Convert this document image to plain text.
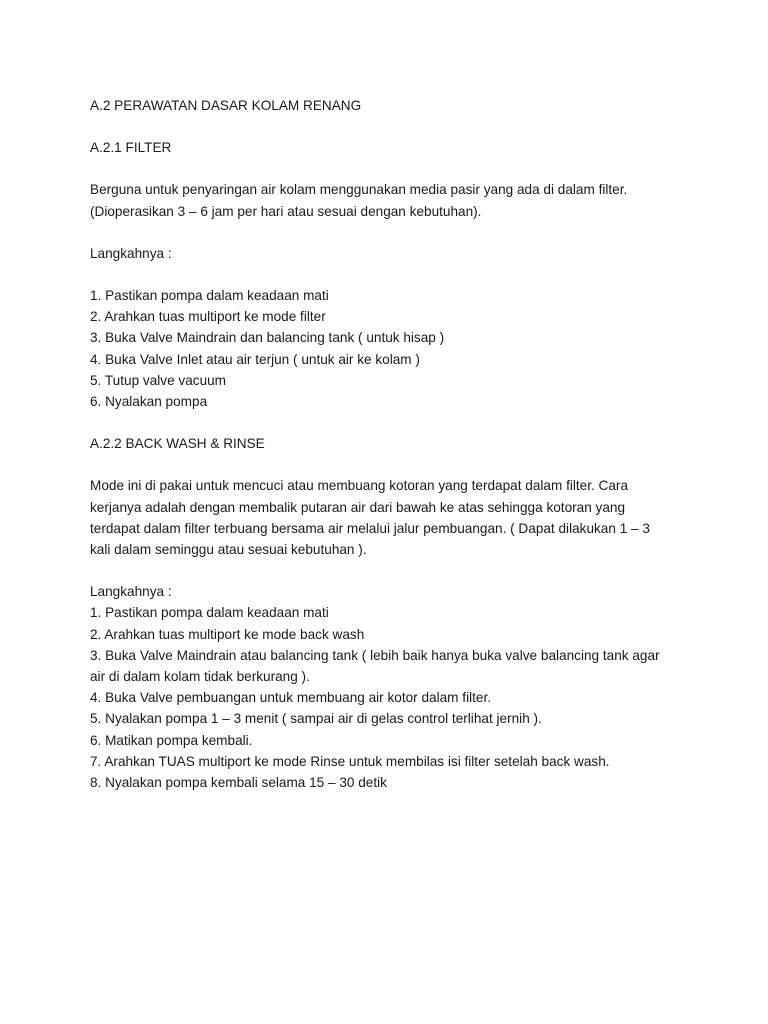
A.2 PERAWATAN DASAR KOLAM RENANG

A.2.1 FILTER

Berguna untuk penyaringan air kolam menggunakan media pasir yang ada di dalam filter.

(Dioperasikan 3 – 6 jam per hari atau sesuai dengan kebutuhan).

Langkahnya :

1. Pastikan pompa dalam keadaan mati
2. Arahkan tuas multiport ke mode filter
3. Buka Valve Maindrain dan balancing tank ( untuk hisap )
4. Buka Valve Inlet atau air terjun ( untuk air ke kolam )
5. Tutup valve vacuum
6. Nyalakan pompa

A.2.2 BACK WASH & RINSE

Mode ini di pakai untuk mencuci atau membuang kotoran yang terdapat dalam filter. Cara

kerjanya adalah dengan membalik putaran air dari bawah ke atas sehingga kotoran yang

terdapat dalam filter terbuang bersama air melalui jalur pembuangan. ( Dapat dilakukan 1 – 3

kali dalam seminggu atau sesuai kebutuhan ).

Langkahnya :

1. Pastikan pompa dalam keadaan mati
2. Arahkan tuas multiport ke mode back wash
3. Buka Valve Maindrain atau balancing tank ( lebih baik hanya buka valve balancing tank agar
air di dalam kolam tidak berkurang ).
4. Buka Valve pembuangan untuk membuang air kotor dalam filter.
5. Nyalakan pompa 1 – 3 menit ( sampai air di gelas control terlihat jernih ).
6. Matikan pompa kembali.
7. Arahkan TUAS multiport ke mode Rinse untuk membilas isi filter setelah back wash.
8. Nyalakan pompa kembali selama 15 – 30 detik
